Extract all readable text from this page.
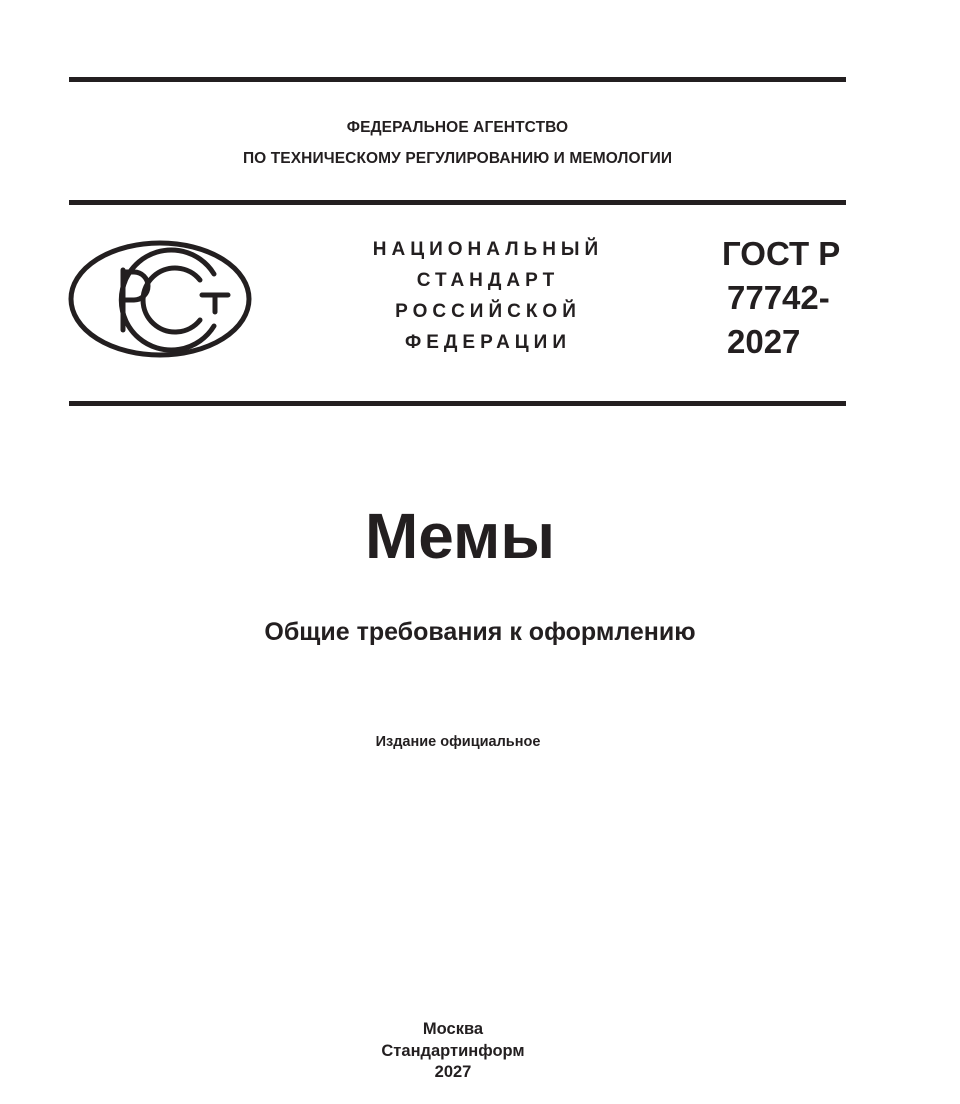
ФЕДЕРАЛЬНОЕ АГЕНТСТВО
ПО ТЕХНИЧЕСКОМУ РЕГУЛИРОВАНИЮ И МЕМОЛОГИИ
НАЦИОНАЛЬНЫЙ
СТАНДАРТ
РОССИЙСКОЙ
ФЕДЕРАЦИИ
ГОСТ Р
77742-
2027
Мемы
Общие требования к оформлению
Издание официальное
Москва
Стандартинформ
2027
